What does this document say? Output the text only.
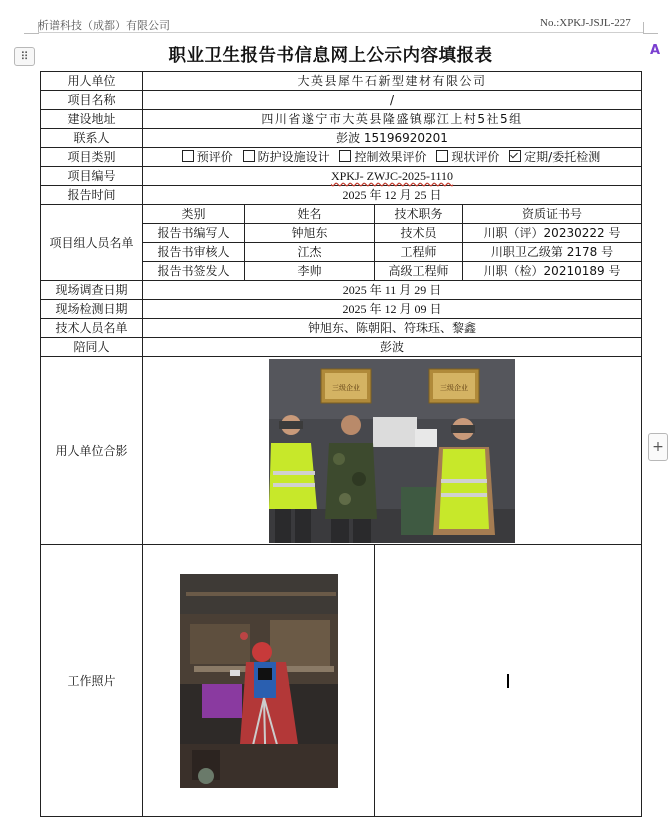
析谱科技（成都）有限公司	No.:XPKJ-JSJL-227
⠿	A
+
职业卫生报告书信息网上公示内容填报表
用人单位	大英县犀牛石新型建材有限公司			
项目名称	/			
建设地址	四川省遂宁市大英县隆盛镇鄢江上村5社5组			
联系人	彭波 15196920201			
项目类别	预评价 防护设施设计 控制效果评价 现状评价 定期/委托检测			
项目编号	XPKJ- ZWJC-2025-1110			
报告时间	2025 年 12 月 25 日			
项目组人员名单	类别	姓名	技术职务	资质证书号
	报告书编写人	钟旭东	技术员	川职（评）20230222 号
	报告书审核人	江杰	工程师	川职卫乙级第 2178 号
	报告书签发人	李帅	高级工程师	川职（检）20210189 号
现场调查日期	2025 年 11 月 29 日			
现场检测日期	2025 年 12 月 09 日			
技术人员名单	钟旭东、陈朝阳、符珠珏、黎鑫			
陪同人	彭波			
用人单位合影	三级企业 三级企业			

工作照片	
